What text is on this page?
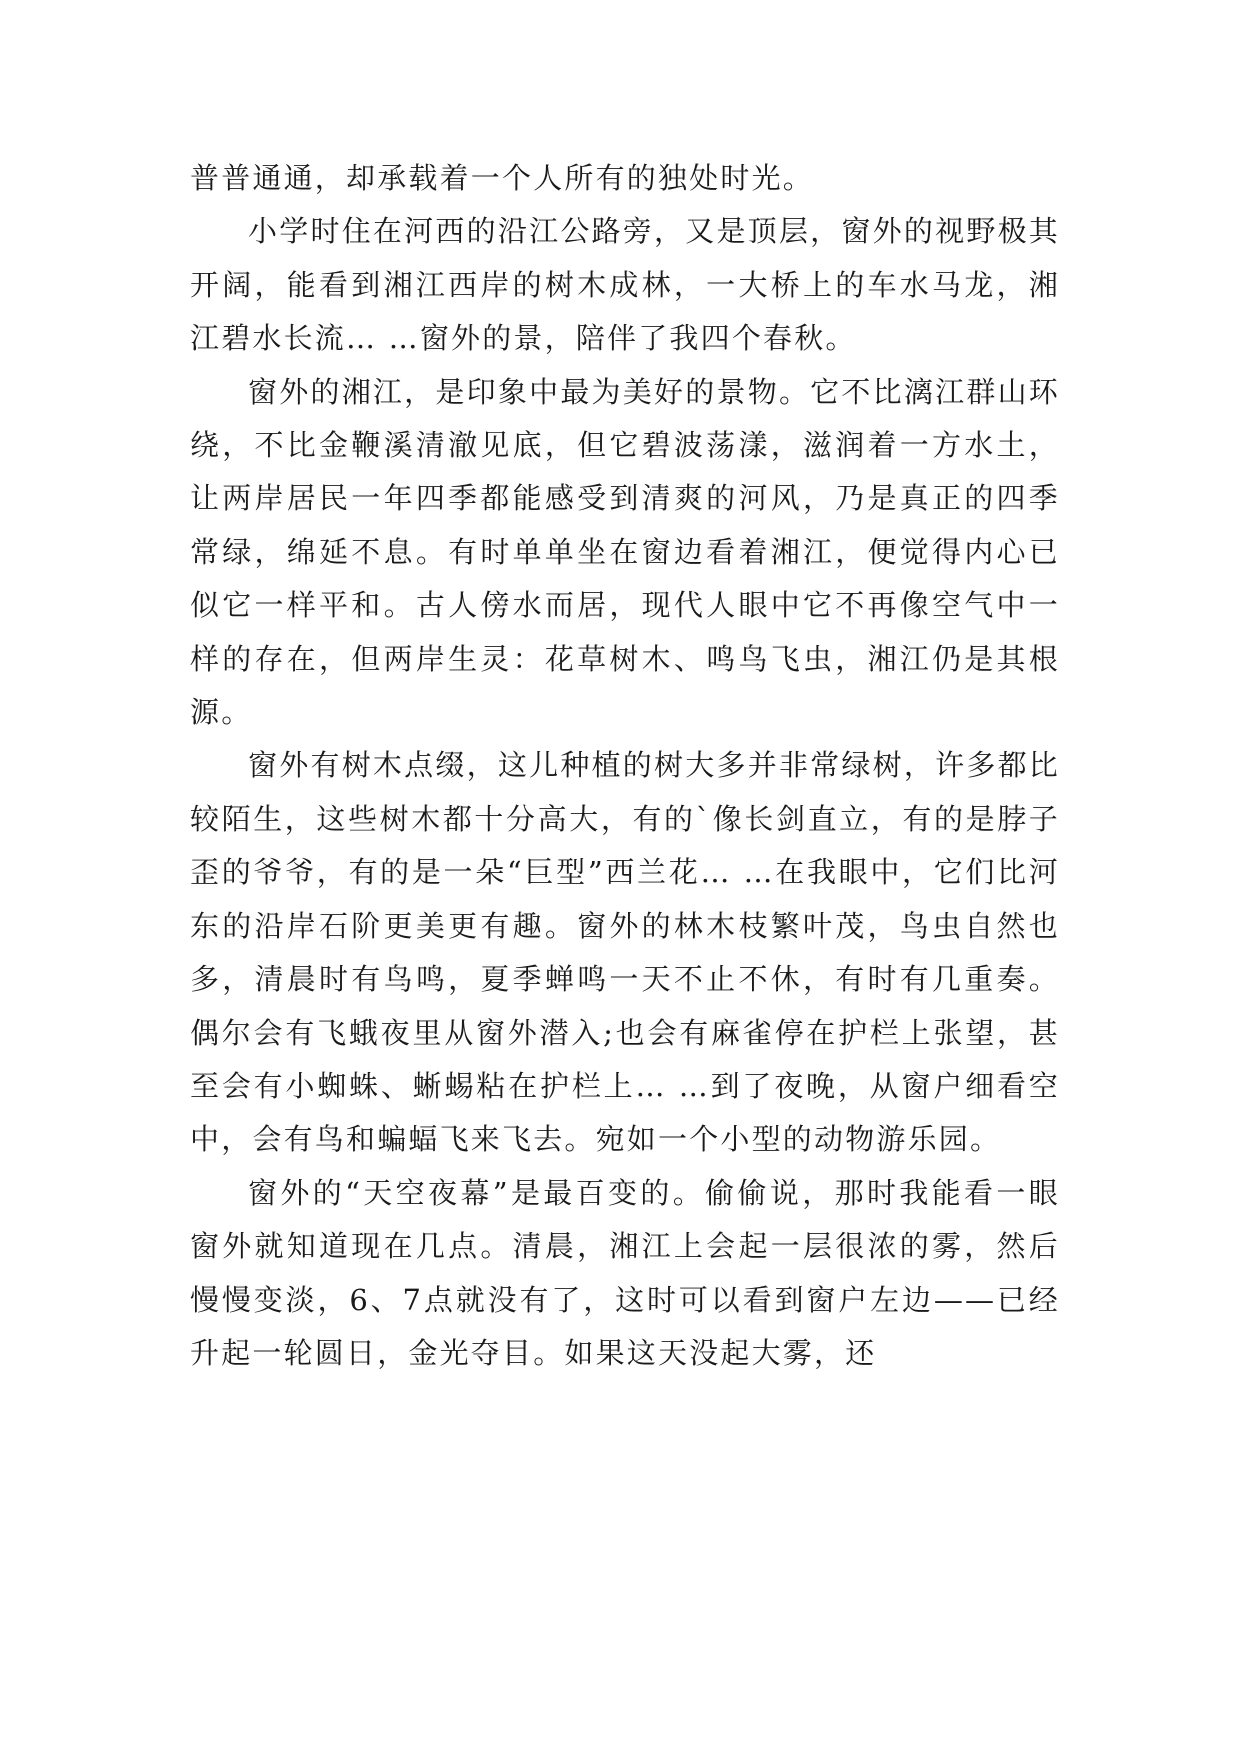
普普通通，却承载着一个人所有的独处时光。

小学时住在河西的沿江公路旁，又是顶层，窗外的视野极其开阔，能看到湘江西岸的树木成林，一大桥上的车水马龙，湘江碧水长流… …窗外的景，陪伴了我四个春秋。

窗外的湘江，是印象中最为美好的景物。它不比漓江群山环绕，不比金鞭溪清澈见底，但它碧波荡漾，滋润着一方水土，让两岸居民一年四季都能感受到清爽的河风，乃是真正的四季常绿，绵延不息。有时单单坐在窗边看着湘江，便觉得内心已似它一样平和。古人傍水而居，现代人眼中它不再像空气中一样的存在，但两岸生灵：花草树木、鸣鸟飞虫，湘江仍是其根源。

窗外有树木点缀，这儿种植的树大多并非常绿树，许多都比较陌生，这些树木都十分高大，有的`像长剑直立，有的是脖子歪的爷爷，有的是一朵“巨型”西兰花… …在我眼中，它们比河东的沿岸石阶更美更有趣。窗外的林木枝繁叶茂，鸟虫自然也多，清晨时有鸟鸣，夏季蝉鸣一天不止不休，有时有几重奏。偶尔会有飞蛾夜里从窗外潜入;也会有麻雀停在护栏上张望，甚至会有小蜘蛛、蜥蜴粘在护栏上… …到了夜晚，从窗户细看空中，会有鸟和蝙蝠飞来飞去。宛如一个小型的动物游乐园。

窗外的“天空夜幕”是最百变的。偷偷说，那时我能看一眼窗外就知道现在几点。清晨，湘江上会起一层很浓的雾，然后慢慢变淡，6、7点就没有了，这时可以看到窗户左边——已经升起一轮圆日，金光夺目。如果这天没起大雾，还
